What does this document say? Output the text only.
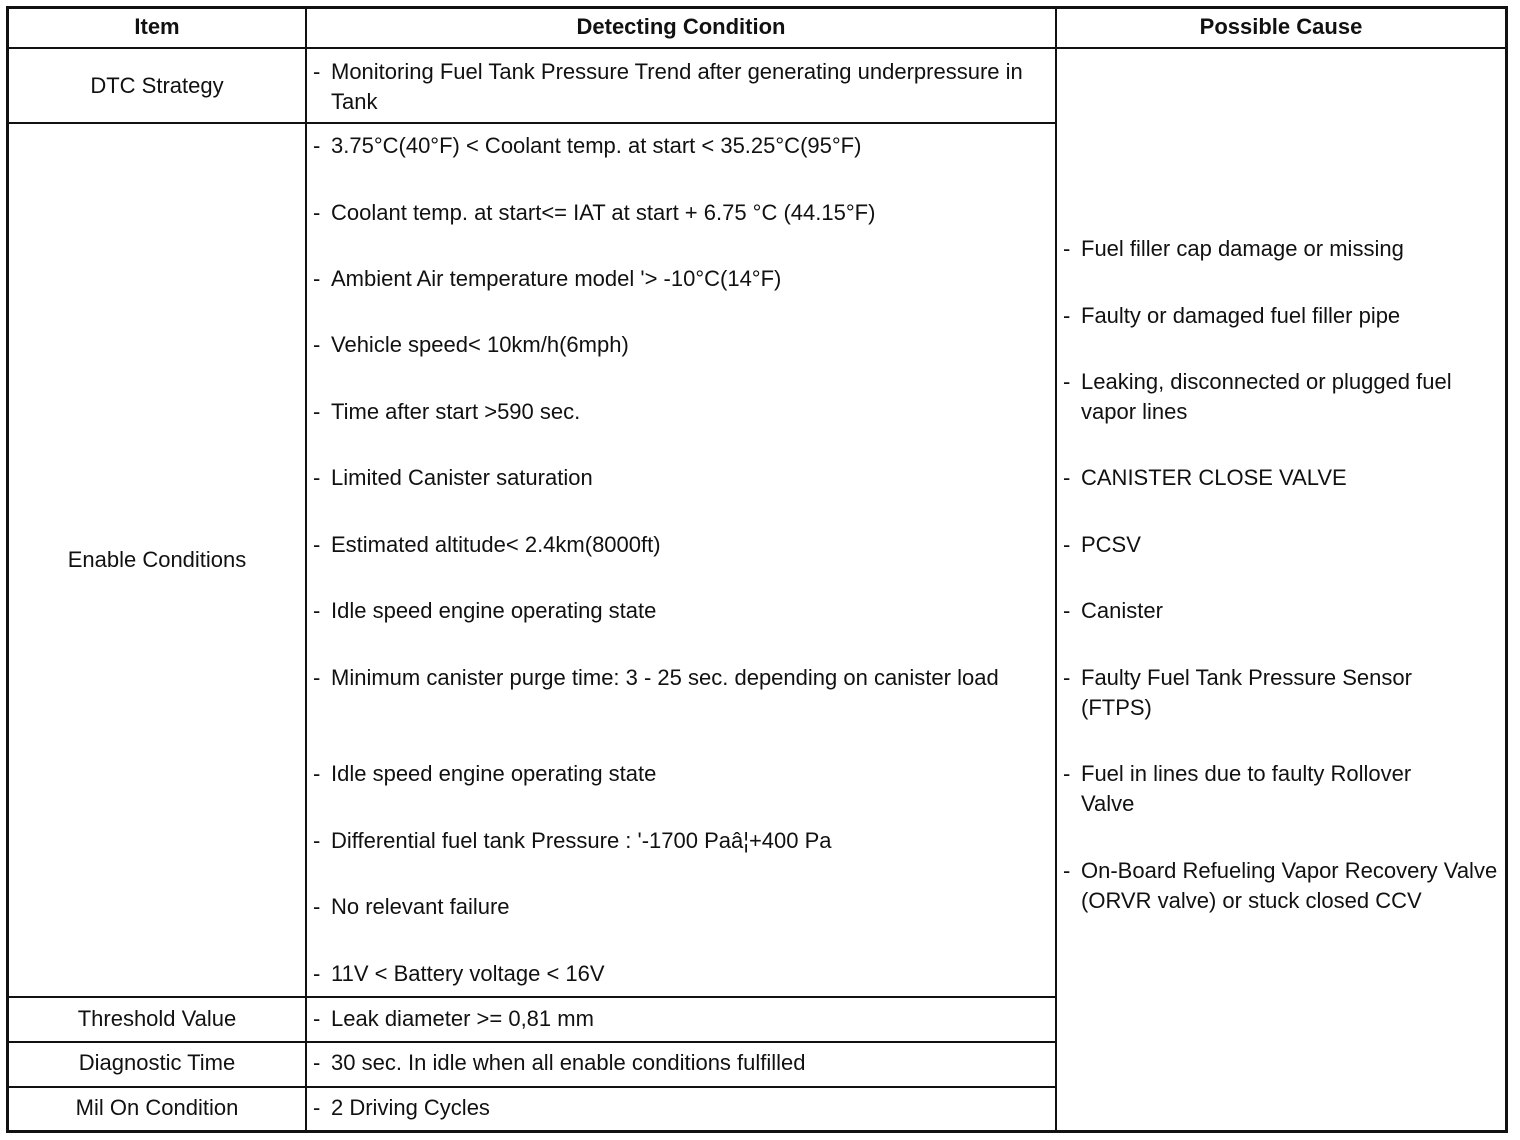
Item	Detecting Condition	Possible Cause
DTC Strategy
Enable Conditions
Threshold Value
Diagnostic Time
Mil On Condition
- Monitoring Fuel Tank Pressure Trend after generating underpressure in Tank
- 3.75°C(40°F) < Coolant temp. at start < 35.25°C(95°F)
- Coolant temp. at start<= IAT at start + 6.75 °C (44.15°F)
- Ambient Air temperature model '> -10°C(14°F)
- Vehicle speed< 10km/h(6mph)
- Time after start >590 sec.
- Limited Canister saturation
- Estimated altitude< 2.4km(8000ft)
- Idle speed engine operating state
- Minimum canister purge time: 3 - 25 sec. depending on canister load
- Idle speed engine operating state
- Differential fuel tank Pressure : '-1700 Paâ¦+400 Pa
- No relevant failure
- 11V < Battery voltage < 16V
- Leak diameter >= 0,81 mm
- 30 sec. In idle when all enable conditions fulfilled
- 2 Driving Cycles
- Fuel filler cap damage or missing
- Faulty or damaged fuel filler pipe
- Leaking, disconnected or plugged fuel vapor lines
- CANISTER CLOSE VALVE
- PCSV
- Canister
- Faulty Fuel Tank Pressure Sensor (FTPS)
- Fuel in lines due to faulty Rollover Valve
- On-Board Refueling Vapor Recovery Valve (ORVR valve) or stuck closed CCV
